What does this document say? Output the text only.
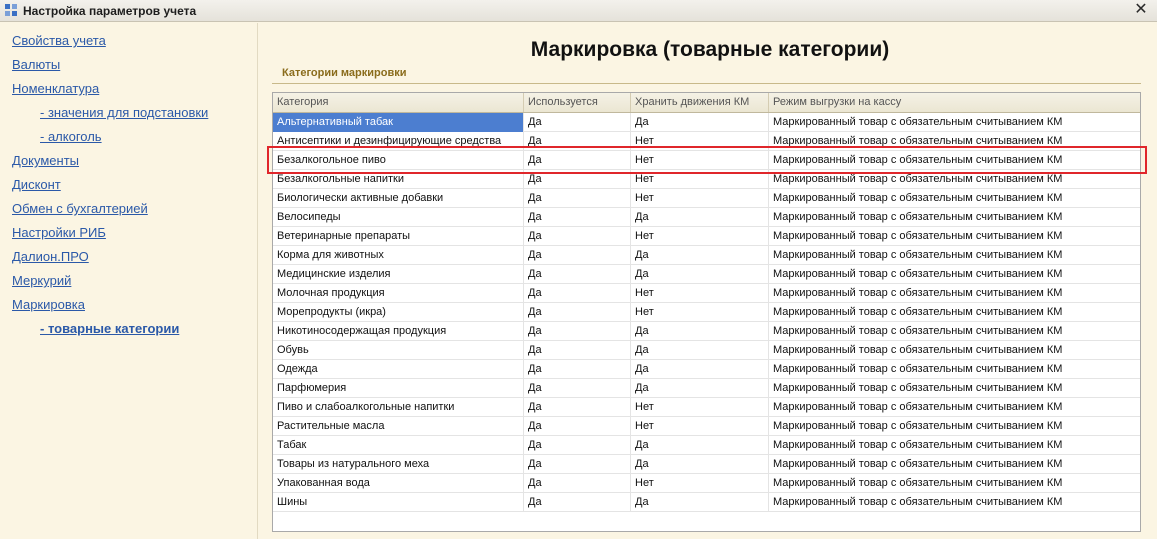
Настройка параметров учета	✕
Свойства учета
Валюты
Номенклатура
- значения для подстановки
- алкоголь
Документы
Дисконт
Обмен с бухгалтерией
Настройки РИБ
Далион.ПРО
Меркурий
Маркировка
- товарные категории
Маркировка (товарные категории)
Категории маркировки
Категория	Используется	Хранить движения КМ	Режим выгрузки на кассу
Альтернативный табак	Да	Да	Маркированный товар с обязательным считыванием КМ
Антисептики и дезинфицирующие средства	Да	Нет	Маркированный товар с обязательным считыванием КМ
Безалкогольное пиво	Да	Нет	Маркированный товар с обязательным считыванием КМ
Безалкогольные напитки	Да	Нет	Маркированный товар с обязательным считыванием КМ
Биологически активные добавки	Да	Нет	Маркированный товар с обязательным считыванием КМ
Велосипеды	Да	Да	Маркированный товар с обязательным считыванием КМ
Ветеринарные препараты	Да	Нет	Маркированный товар с обязательным считыванием КМ
Корма для животных	Да	Да	Маркированный товар с обязательным считыванием КМ
Медицинские изделия	Да	Да	Маркированный товар с обязательным считыванием КМ
Молочная продукция	Да	Нет	Маркированный товар с обязательным считыванием КМ
Морепродукты (икра)	Да	Нет	Маркированный товар с обязательным считыванием КМ
Никотиносодержащая продукция	Да	Да	Маркированный товар с обязательным считыванием КМ
Обувь	Да	Да	Маркированный товар с обязательным считыванием КМ
Одежда	Да	Да	Маркированный товар с обязательным считыванием КМ
Парфюмерия	Да	Да	Маркированный товар с обязательным считыванием КМ
Пиво и слабоалкогольные напитки	Да	Нет	Маркированный товар с обязательным считыванием КМ
Растительные масла	Да	Нет	Маркированный товар с обязательным считыванием КМ
Табак	Да	Да	Маркированный товар с обязательным считыванием КМ
Товары из натурального меха	Да	Да	Маркированный товар с обязательным считыванием КМ
Упакованная вода	Да	Нет	Маркированный товар с обязательным считыванием КМ
Шины	Да	Да	Маркированный товар с обязательным считыванием КМ
